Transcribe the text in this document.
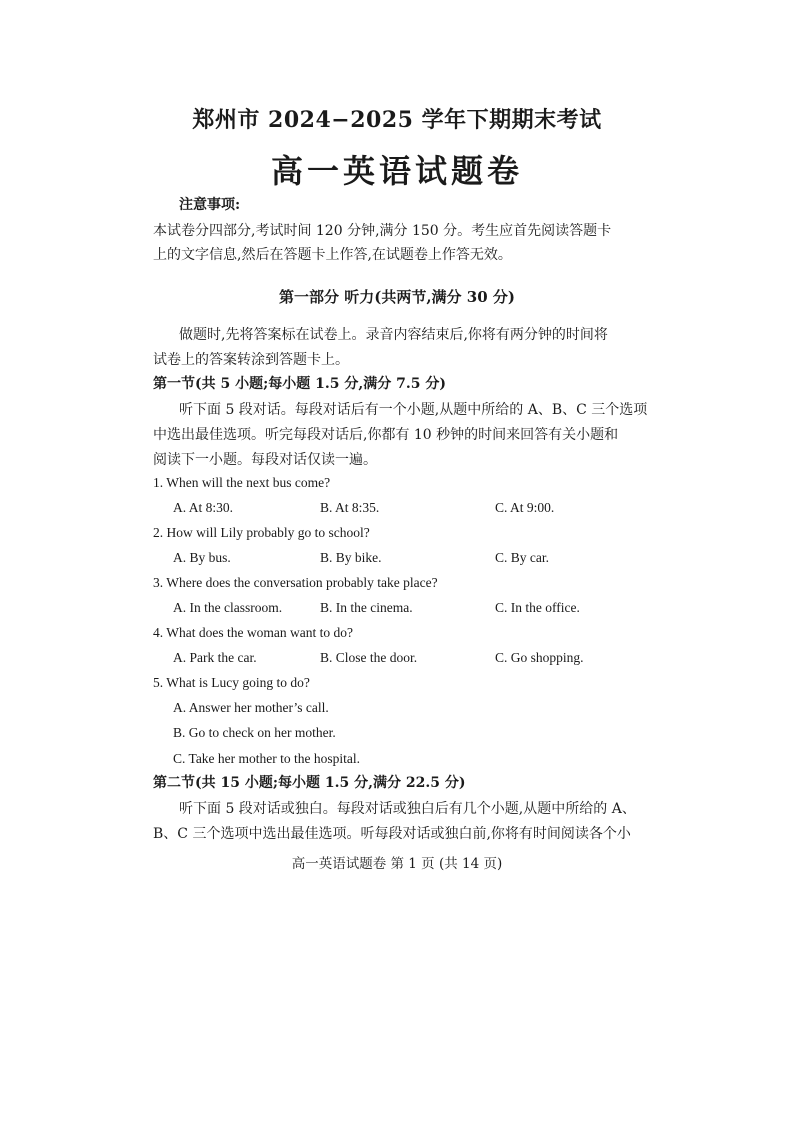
郑州市 2024−2025 学年下期期末考试
高一英语试题卷
注意事项:
本试卷分四部分,考试时间 120 分钟,满分 150 分。考生应首先阅读答题卡
上的文字信息,然后在答题卡上作答,在试题卷上作答无效。
第一部分 听力(共两节,满分 30 分)
做题时,先将答案标在试卷上。录音内容结束后,你将有两分钟的时间将
试卷上的答案转涂到答题卡上。
第一节(共 5 小题;每小题 1.5 分,满分 7.5 分)
听下面 5 段对话。每段对话后有一个小题,从题中所给的 A、B、C 三个选项
中选出最佳选项。听完每段对话后,你都有 10 秒钟的时间来回答有关小题和
阅读下一小题。每段对话仅读一遍。
1. When will the next bus come?
A. At 8:30.	B. At 8:35.	C. At 9:00.
2. How will Lily probably go to school?
A. By bus.	B. By bike.	C. By car.
3. Where does the conversation probably take place?
A. In the classroom.	B. In the cinema.	C. In the office.
4. What does the woman want to do?
A. Park the car.	B. Close the door.	C. Go shopping.
5. What is Lucy going to do?
A. Answer her mother’s call.
B. Go to check on her mother.
C. Take her mother to the hospital.
第二节(共 15 小题;每小题 1.5 分,满分 22.5 分)
听下面 5 段对话或独白。每段对话或独白后有几个小题,从题中所给的 A、
B、C 三个选项中选出最佳选项。听每段对话或独白前,你将有时间阅读各个小
高一英语试题卷 第 1 页 (共 14 页)
